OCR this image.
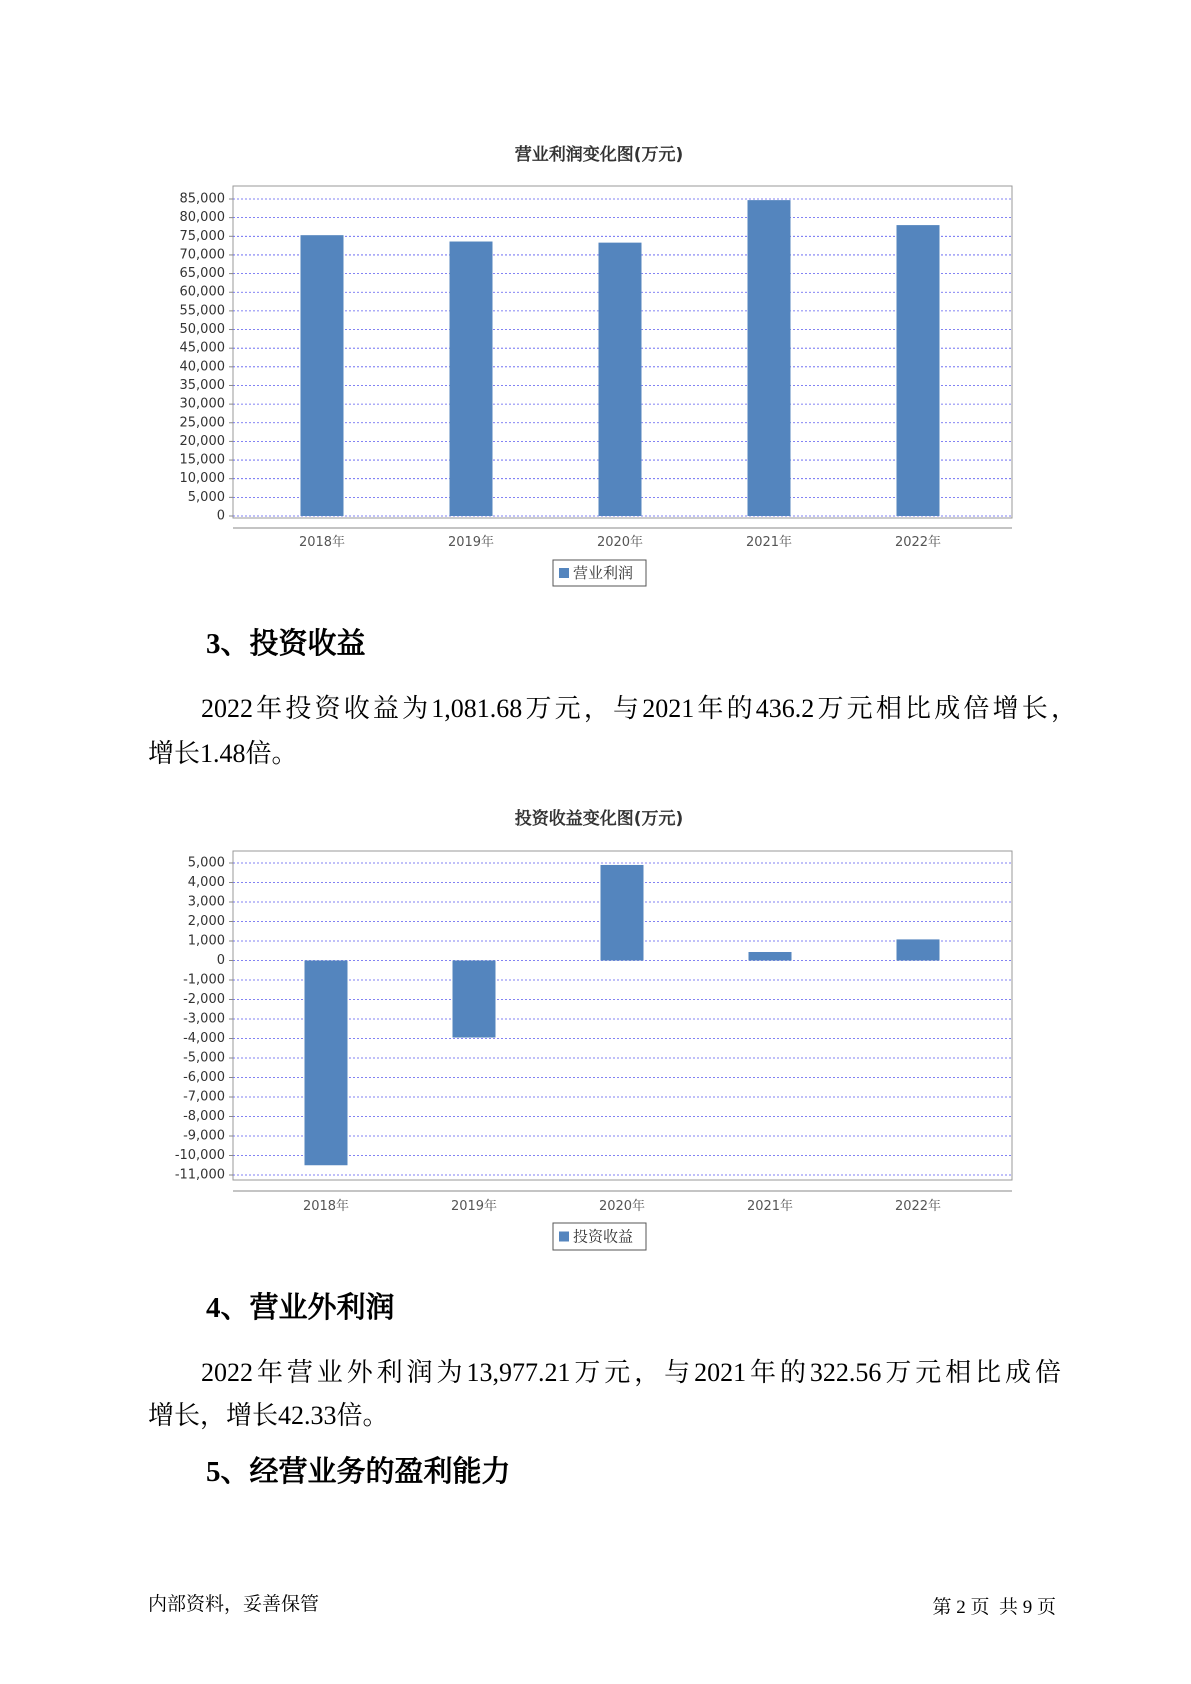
营业利润变化图(万元)
85,000
80,000
75,000
70,000
65,000
60,000
55,000
50,000
45,000
40,000
35,000
30,000
25,000
20,000
15,000
10,000
5,000
0
2018年	2019年	2020年	2021年	2022年
营业利润
投资收益变化图(万元)
5,000
4,000
3,000
2,000
1,000
0
-1,000
-2,000
-3,000
-4,000
-5,000
-6,000
-7,000
-8,000
-9,000
-10,000
-11,000
2018年	2019年	2020年	2021年	2022年
投资收益
3、投资收益
2022年投资收益为1,081.68万元，与2021年的436.2万元相比成倍增长，
增长1.48倍。
4、营业外利润
2022年营业外利润为13,977.21万元，与2021年的322.56万元相比成倍
增长，增长42.33倍。
5、经营业务的盈利能力
内部资料，妥善保管	第 2 页  共 9 页
